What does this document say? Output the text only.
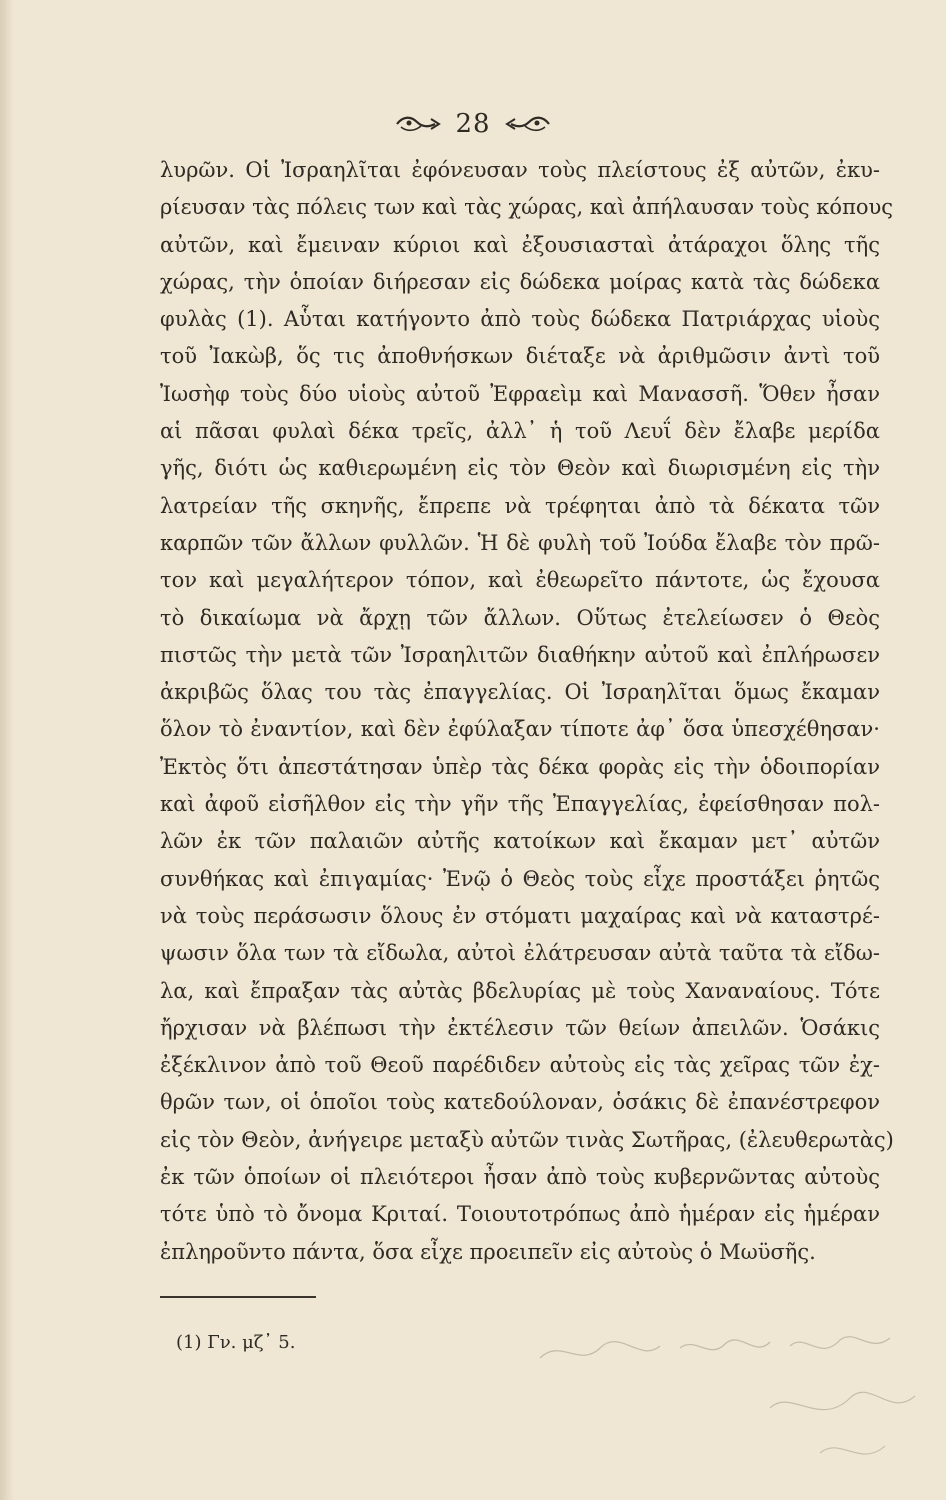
28
λυρῶν. Οἱ Ἰσραηλῖται ἐφόνευσαν τοὺς πλείστους ἐξ αὐτῶν, ἐκυ-
ρίευσαν τὰς πόλεις των καὶ τὰς χώρας, καὶ ἀπήλαυσαν τοὺς κόπους
αὐτῶν, καὶ ἔμειναν κύριοι καὶ ἐξουσιασταὶ ἀτάραχοι ὅλης τῆς
χώρας, τὴν ὁποίαν διήρεσαν εἰς δώδεκα μοίρας κατὰ τὰς δώδεκα
φυλὰς (1). Αὗται κατήγοντο ἀπὸ τοὺς δώδεκα Πατριάρχας υἱοὺς
τοῦ Ἰακὼβ, ὅς τις ἀποθνήσκων διέταξε νὰ ἀριθμῶσιν ἀντὶ τοῦ
Ἰωσὴφ τοὺς δύο υἱοὺς αὐτοῦ Ἐφραεὶμ καὶ Μανασσῆ. Ὅθεν ἦσαν
αἱ πᾶσαι φυλαὶ δέκα τρεῖς, ἀλλ᾽ ἡ τοῦ Λευΐ δὲν ἔλαβε μερίδα
γῆς, διότι ὡς καθιερωμένη εἰς τὸν Θεὸν καὶ διωρισμένη εἰς τὴν
λατρείαν τῆς σκηνῆς, ἔπρεπε νὰ τρέφηται ἀπὸ τὰ δέκατα τῶν
καρπῶν τῶν ἄλλων φυλλῶν. Ἡ δὲ φυλὴ τοῦ Ἰούδα ἔλαβε τὸν πρῶ-
τον καὶ μεγαλήτερον τόπον, καὶ ἐθεωρεῖτο πάντοτε, ὡς ἔχουσα
τὸ δικαίωμα νὰ ἄρχῃ τῶν ἄλλων. Οὕτως ἐτελείωσεν ὁ Θεὸς
πιστῶς τὴν μετὰ τῶν Ἰσραηλιτῶν διαθήκην αὐτοῦ καὶ ἐπλήρωσεν
ἀκριβῶς ὅλας του τὰς ἐπαγγελίας. Οἱ Ἰσραηλῖται ὅμως ἔκαμαν
ὅλον τὸ ἐναντίον, καὶ δὲν ἐφύλαξαν τίποτε ἀφ᾽ ὅσα ὑπεσχέθησαν·
Ἐκτὸς ὅτι ἀπεστάτησαν ὑπὲρ τὰς δέκα φορὰς εἰς τὴν ὁδοιπορίαν
καὶ ἀφοῦ εἰσῆλθον εἰς τὴν γῆν τῆς Ἐπαγγελίας, ἐφείσθησαν πολ-
λῶν ἐκ τῶν παλαιῶν αὐτῆς κατοίκων καὶ ἔκαμαν μετ᾽ αὐτῶν
συνθήκας καὶ ἐπιγαμίας· Ἐνῷ ὁ Θεὸς τοὺς εἶχε προστάξει ῥητῶς
νὰ τοὺς περάσωσιν ὅλους ἐν στόματι μαχαίρας καὶ νὰ καταστρέ-
ψωσιν ὅλα των τὰ εἴδωλα, αὐτοὶ ἐλάτρευσαν αὐτὰ ταῦτα τὰ εἴδω-
λα, καὶ ἔπραξαν τὰς αὐτὰς βδελυρίας μὲ τοὺς Χαναναίους. Τότε
ἤρχισαν νὰ βλέπωσι τὴν ἐκτέλεσιν τῶν θείων ἀπειλῶν. Ὁσάκις
ἐξέκλινον ἀπὸ τοῦ Θεοῦ παρέδιδεν αὐτοὺς εἰς τὰς χεῖρας τῶν ἐχ-
θρῶν των, οἱ ὁποῖοι τοὺς κατεδούλοναν, ὁσάκις δὲ ἐπανέστρεφον
εἰς τὸν Θεὸν, ἀνήγειρε μεταξὺ αὐτῶν τινὰς Σωτῆρας, (ἐλευθερωτὰς)
ἐκ τῶν ὁποίων οἱ πλειότεροι ἦσαν ἀπὸ τοὺς κυβερνῶντας αὐτοὺς
τότε ὑπὸ τὸ ὄνομα Κριταί. Τοιουτοτρόπως ἀπὸ ἡμέραν εἰς ἡμέραν
ἐπληροῦντο πάντα, ὅσα εἶχε προειπεῖν εἰς αὐτοὺς ὁ Μωϋσῆς.
(1) Γν. μζ᾽ 5.
